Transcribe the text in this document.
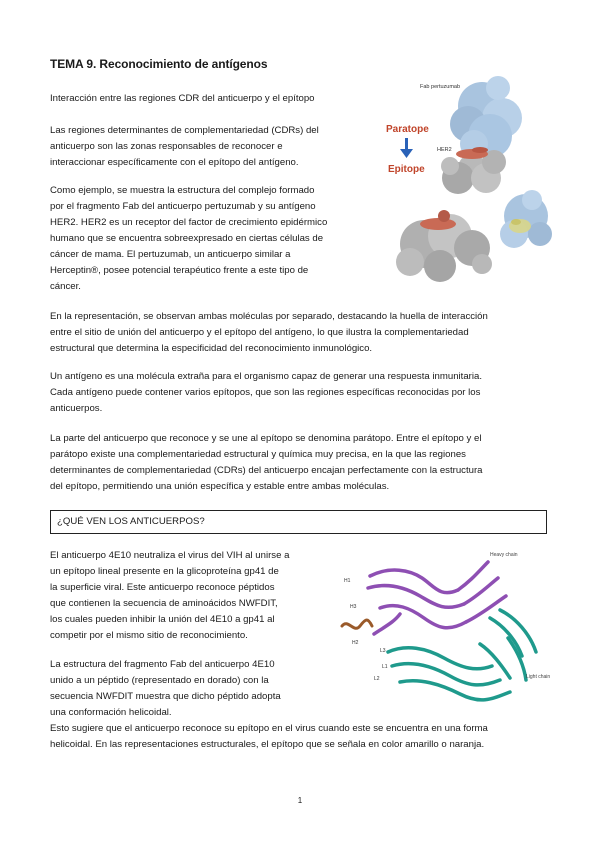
TEMA 9. Reconocimiento de antígenos

Interacción entre las regiones CDR del anticuerpo y el epítopo

Las regiones determinantes de complementariedad (CDRs) del
anticuerpo son las zonas responsables de reconocer e
interaccionar específicamente con el epítopo del antígeno.

Como ejemplo, se muestra la estructura del complejo formado
por el fragmento Fab del anticuerpo pertuzumab y su antígeno
HER2. HER2 es un receptor del factor de crecimiento epidérmico
humano que se encuentra sobreexpresado en ciertas células de
cáncer de mama. El pertuzumab, un anticuerpo similar a
Herceptin®, posee potencial terapéutico frente a este tipo de
cáncer.

En la representación, se observan ambas moléculas por separado, destacando la huella de interacción
entre el sitio de unión del anticuerpo y el epítopo del antígeno, lo que ilustra la complementariedad
estructural que determina la especificidad del reconocimiento inmunológico.

Un antígeno es una molécula extraña para el organismo capaz de generar una respuesta inmunitaria.
Cada antígeno puede contener varios epítopos, que son las regiones específicas reconocidas por los
anticuerpos.

La parte del anticuerpo que reconoce y se une al epítopo se denomina parátopo. Entre el epítopo y el
parátopo existe una complementariedad estructural y química muy precisa, en la que las regiones
determinantes de complementariedad (CDRs) del anticuerpo encajan perfectamente con la estructura
del epítopo, permitiendo una unión específica y estable entre ambas moléculas.

¿QUÉ VEN LOS ANTICUERPOS?

El anticuerpo 4E10 neutraliza el virus del VIH al unirse a
un epítopo lineal presente en la glicoproteína gp41 de
la superficie viral. Este anticuerpo reconoce péptidos
que contienen la secuencia de aminoácidos NWFDIT,
los cuales pueden inhibir la unión del 4E10 a gp41 al
competir por el mismo sitio de reconocimiento.

La estructura del fragmento Fab del anticuerpo 4E10
unido a un péptido (representado en dorado) con la
secuencia NWFDIT muestra que dicho péptido adopta
una conformación helicoidal.

Esto sugiere que el anticuerpo reconoce su epítopo en el virus cuando este se encuentra en una forma
helicoidal. En las representaciones estructurales, el epítopo que se señala en color amarillo o naranja.

Fab pertuzumab
HER2
Paratope
Epitope
Heavy chain
Light chain
H1
H3
H2
L3
L1
L2
1
